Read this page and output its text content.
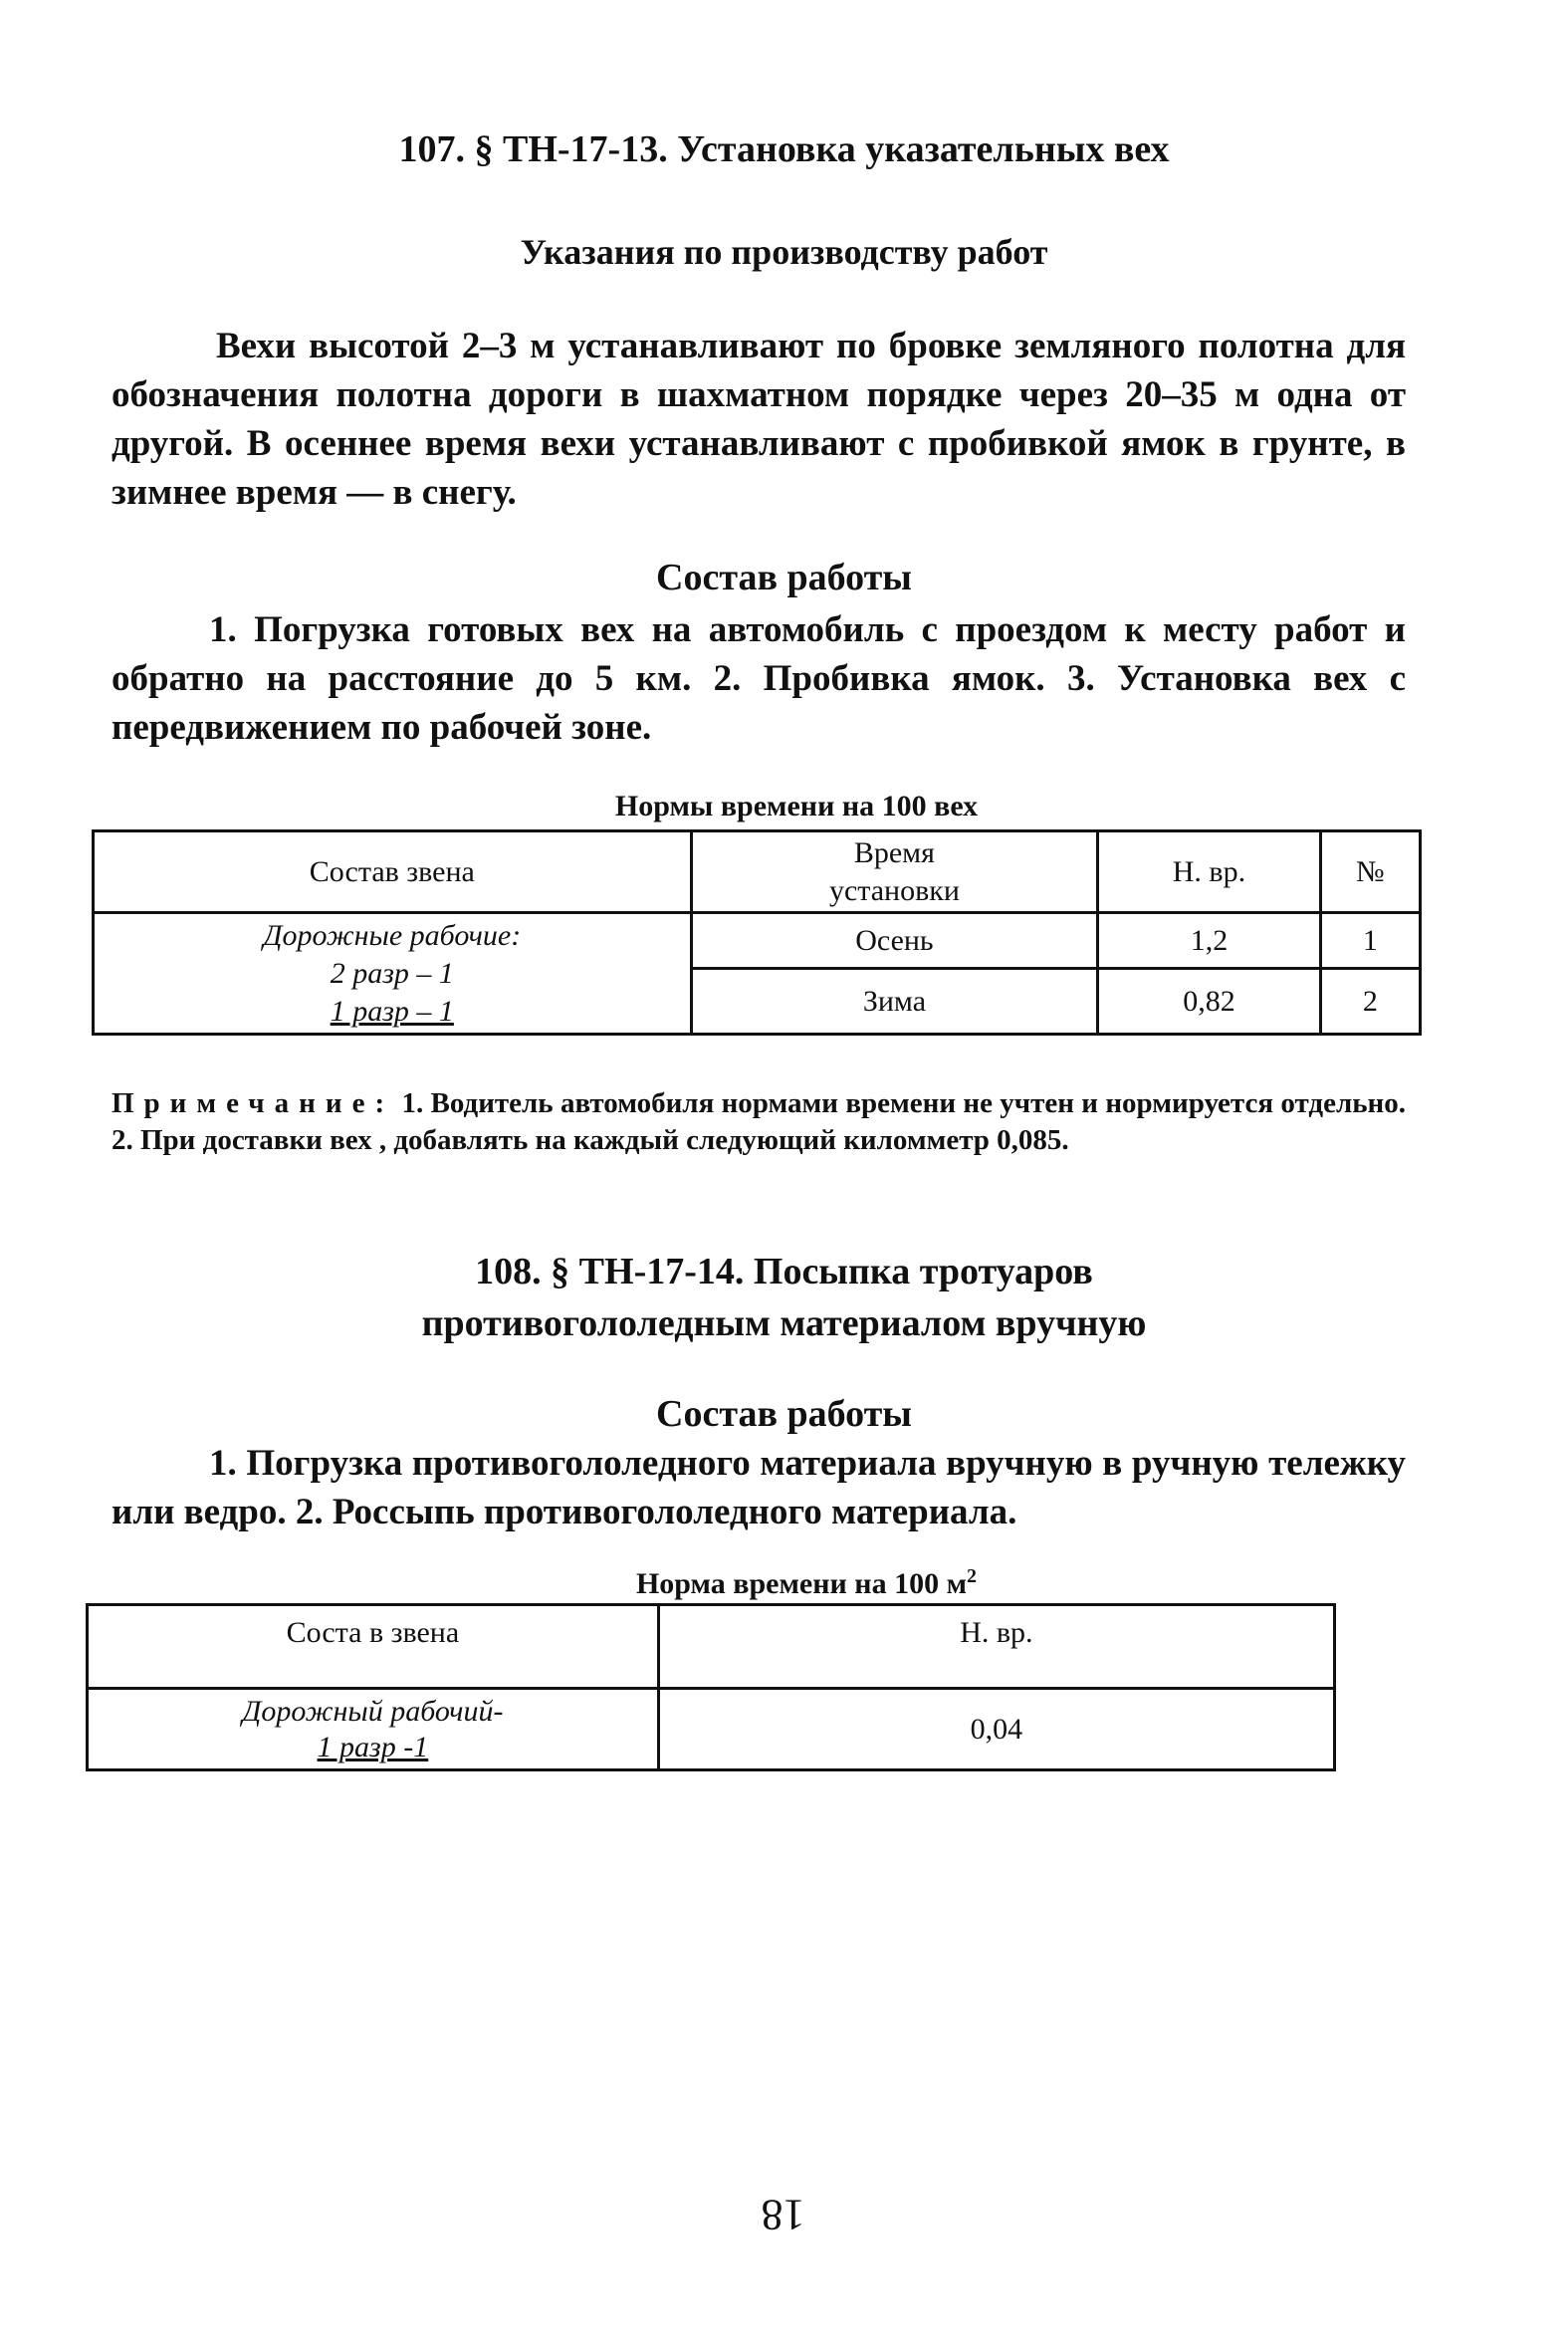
107. § ТН-17-13. Установка указательных вех
Указания по производству работ
Вехи высотой 2–3 м устанавливают по бровке земляного полотна для обозначения полотна дороги в шахматном порядке через 20–35 м одна от другой. В осеннее время вехи устанавливают с пробивкой ямок в грунте, в зимнее время — в снегу.
Состав работы
1. Погрузка готовых вех на автомобиль с проездом к месту работ и обратно на расстояние до 5 км. 2. Пробивка ямок. 3. Установка вех с передвижением по рабочей зоне.
Нормы времени на 100 вех
Состав звена	Время установки	Н. вр.	№

Дорожные рабочие:
2 разр – 1
1 разр – 1	Осень	1,2	1
	Зима	0,82	2
Примечание: 1. Водитель автомобиля нормами времени не учтен и нормируется отдельно. 2. При доставки вех , добавлять на каждый следующий киломметр 0,085.
108. § ТН-17-14. Посыпка тротуаров
противогололедным материалом вручную
Состав работы
1. Погрузка противогололедного материала вручную в ручную тележку или ведро. 2. Россыпь противогололедного материала.
Норма времени на 100 $м^2$
Соста в звена	Н. вр.

Дорожный рабочий-
1 разр -1	0,04
18
